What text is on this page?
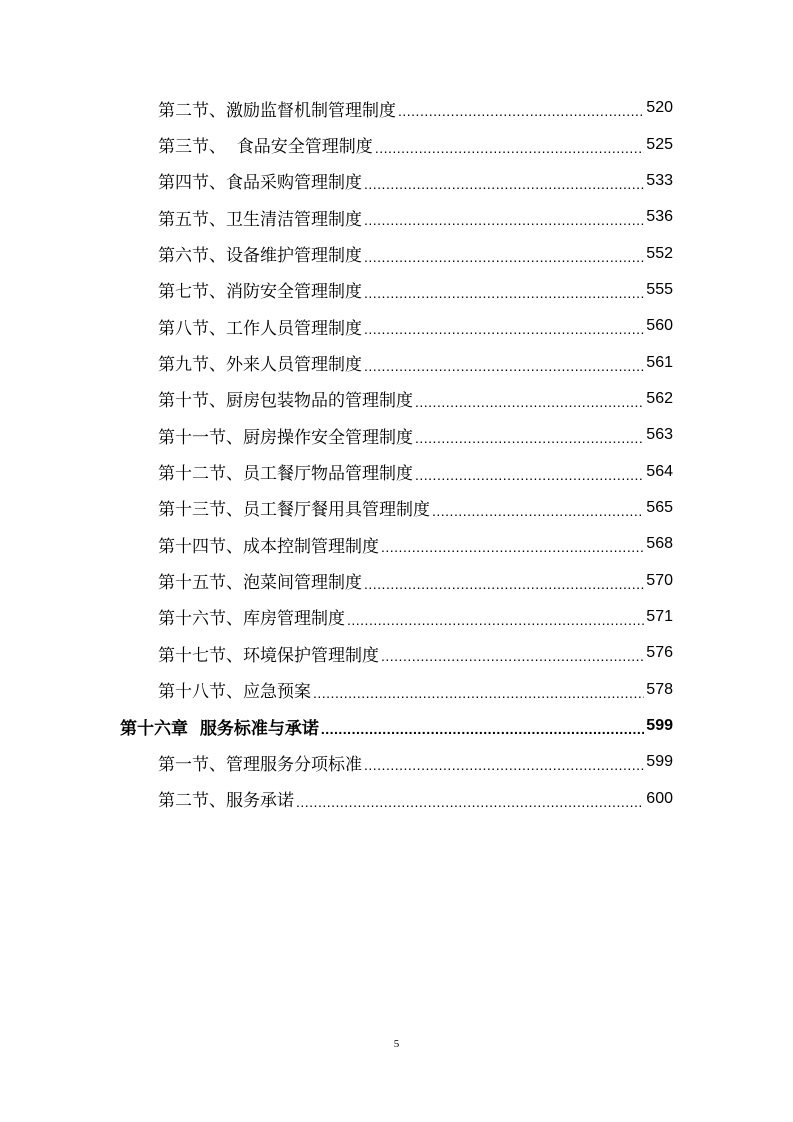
第二节、激励监督机制管理制度 .....	520
第三节、  食品安全管理制度 .....	525
第四节、食品采购管理制度 .....	533
第五节、卫生清洁管理制度 .....	536
第六节、设备维护管理制度 .....	552
第七节、消防安全管理制度 .....	555
第八节、工作人员管理制度 .....	560
第九节、外来人员管理制度 .....	561
第十节、厨房包装物品的管理制度 .....	562
第十一节、厨房操作安全管理制度 .....	563
第十二节、员工餐厅物品管理制度 .....	564
第十三节、员工餐厅餐用具管理制度 .....	565
第十四节、成本控制管理制度 .....	568
第十五节、泡菜间管理制度 .....	570
第十六节、库房管理制度 .....	571
第十七节、环境保护管理制度 .....	576
第十八节、应急预案 .....	578
第十六章  服务标准与承诺 .....	599
第一节、管理服务分项标准 .....	599
第二节、服务承诺 .....	600
5
